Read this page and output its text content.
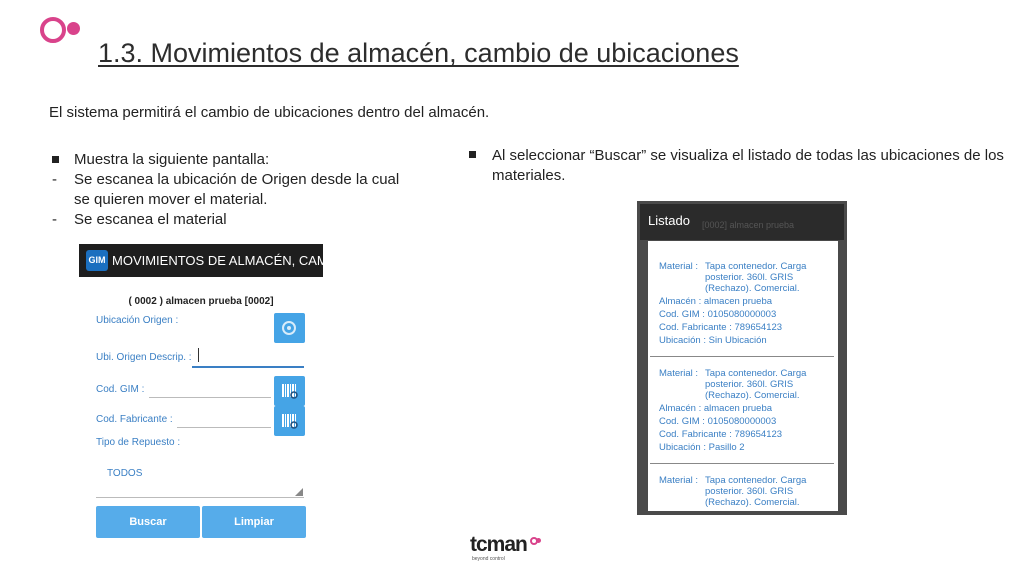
1.3. Movimientos de almacén, cambio de ubicaciones
El sistema permitirá el cambio de ubicaciones dentro del almacén.
Muestra la siguiente pantalla:
- Se escanea la ubicación de Origen desde la cual
se quieren mover el material.
- Se escanea el material
Al seleccionar “Buscar” se visualiza el listado de todas las ubicaciones de los
materiales.
GIM MOVIMIENTOS DE ALMACÉN, CAM...
( 0002 ) almacen prueba [0002]
Ubicación Origen :
Ubi. Origen Descrip. :
Cod. GIM :
Cod. Fabricante :
Tipo de Repuesto :
TODOS
Buscar	Limpiar
[0002] almacen prueba
Listado
Material : Tapa contenedor. Carga
posterior. 360l. GRIS
(Rechazo). Comercial.
Almacén : almacen prueba
Cod. GIM : 0105080000003
Cod. Fabricante : 789654123
Ubicación : Sin Ubicación
Material : Tapa contenedor. Carga
posterior. 360l. GRIS
(Rechazo). Comercial.
Almacén : almacen prueba
Cod. GIM : 0105080000003
Cod. Fabricante : 789654123
Ubicación : Pasillo 2
Material : Tapa contenedor. Carga
posterior. 360l. GRIS
(Rechazo). Comercial.
tcman
beyond control
